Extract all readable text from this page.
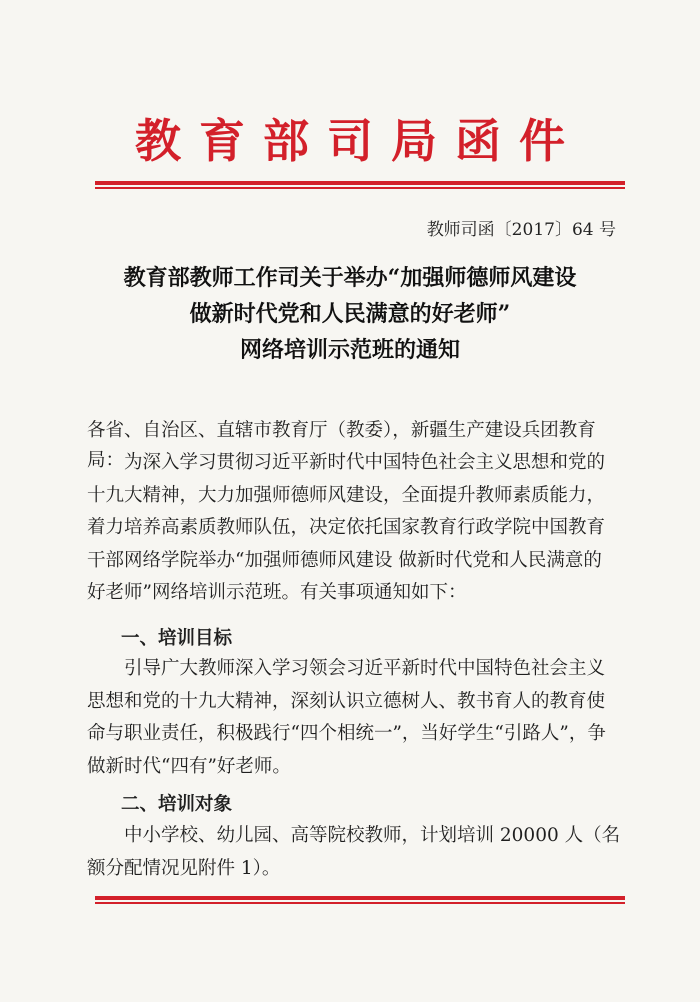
教育部司局函件
教师司函〔2017〕64 号
教育部教师工作司关于举办“加强师德师风建设
做新时代党和人民满意的好老师”
网络培训示范班的通知
各省、自治区、直辖市教育厅（教委），新疆生产建设兵团教育局： 为深入学习贯彻习近平新时代中国特色社会主义思想和党的
十九大精神，大力加强师德师风建设，全面提升教师素质能力，
着力培养高素质教师队伍，决定依托国家教育行政学院中国教育
干部网络学院举办“加强师德师风建设 做新时代党和人民满意的
好老师”网络培训示范班。有关事项通知如下：
一、培训目标
引导广大教师深入学习领会习近平新时代中国特色社会主义
思想和党的十九大精神，深刻认识立德树人、教书育人的教育使
命与职业责任，积极践行“四个相统一”，当好学生“引路人”，争
做新时代“四有”好老师。
二、培训对象
中小学校、幼儿园、高等院校教师，计划培训 20000 人（名
额分配情况见附件 1）。
